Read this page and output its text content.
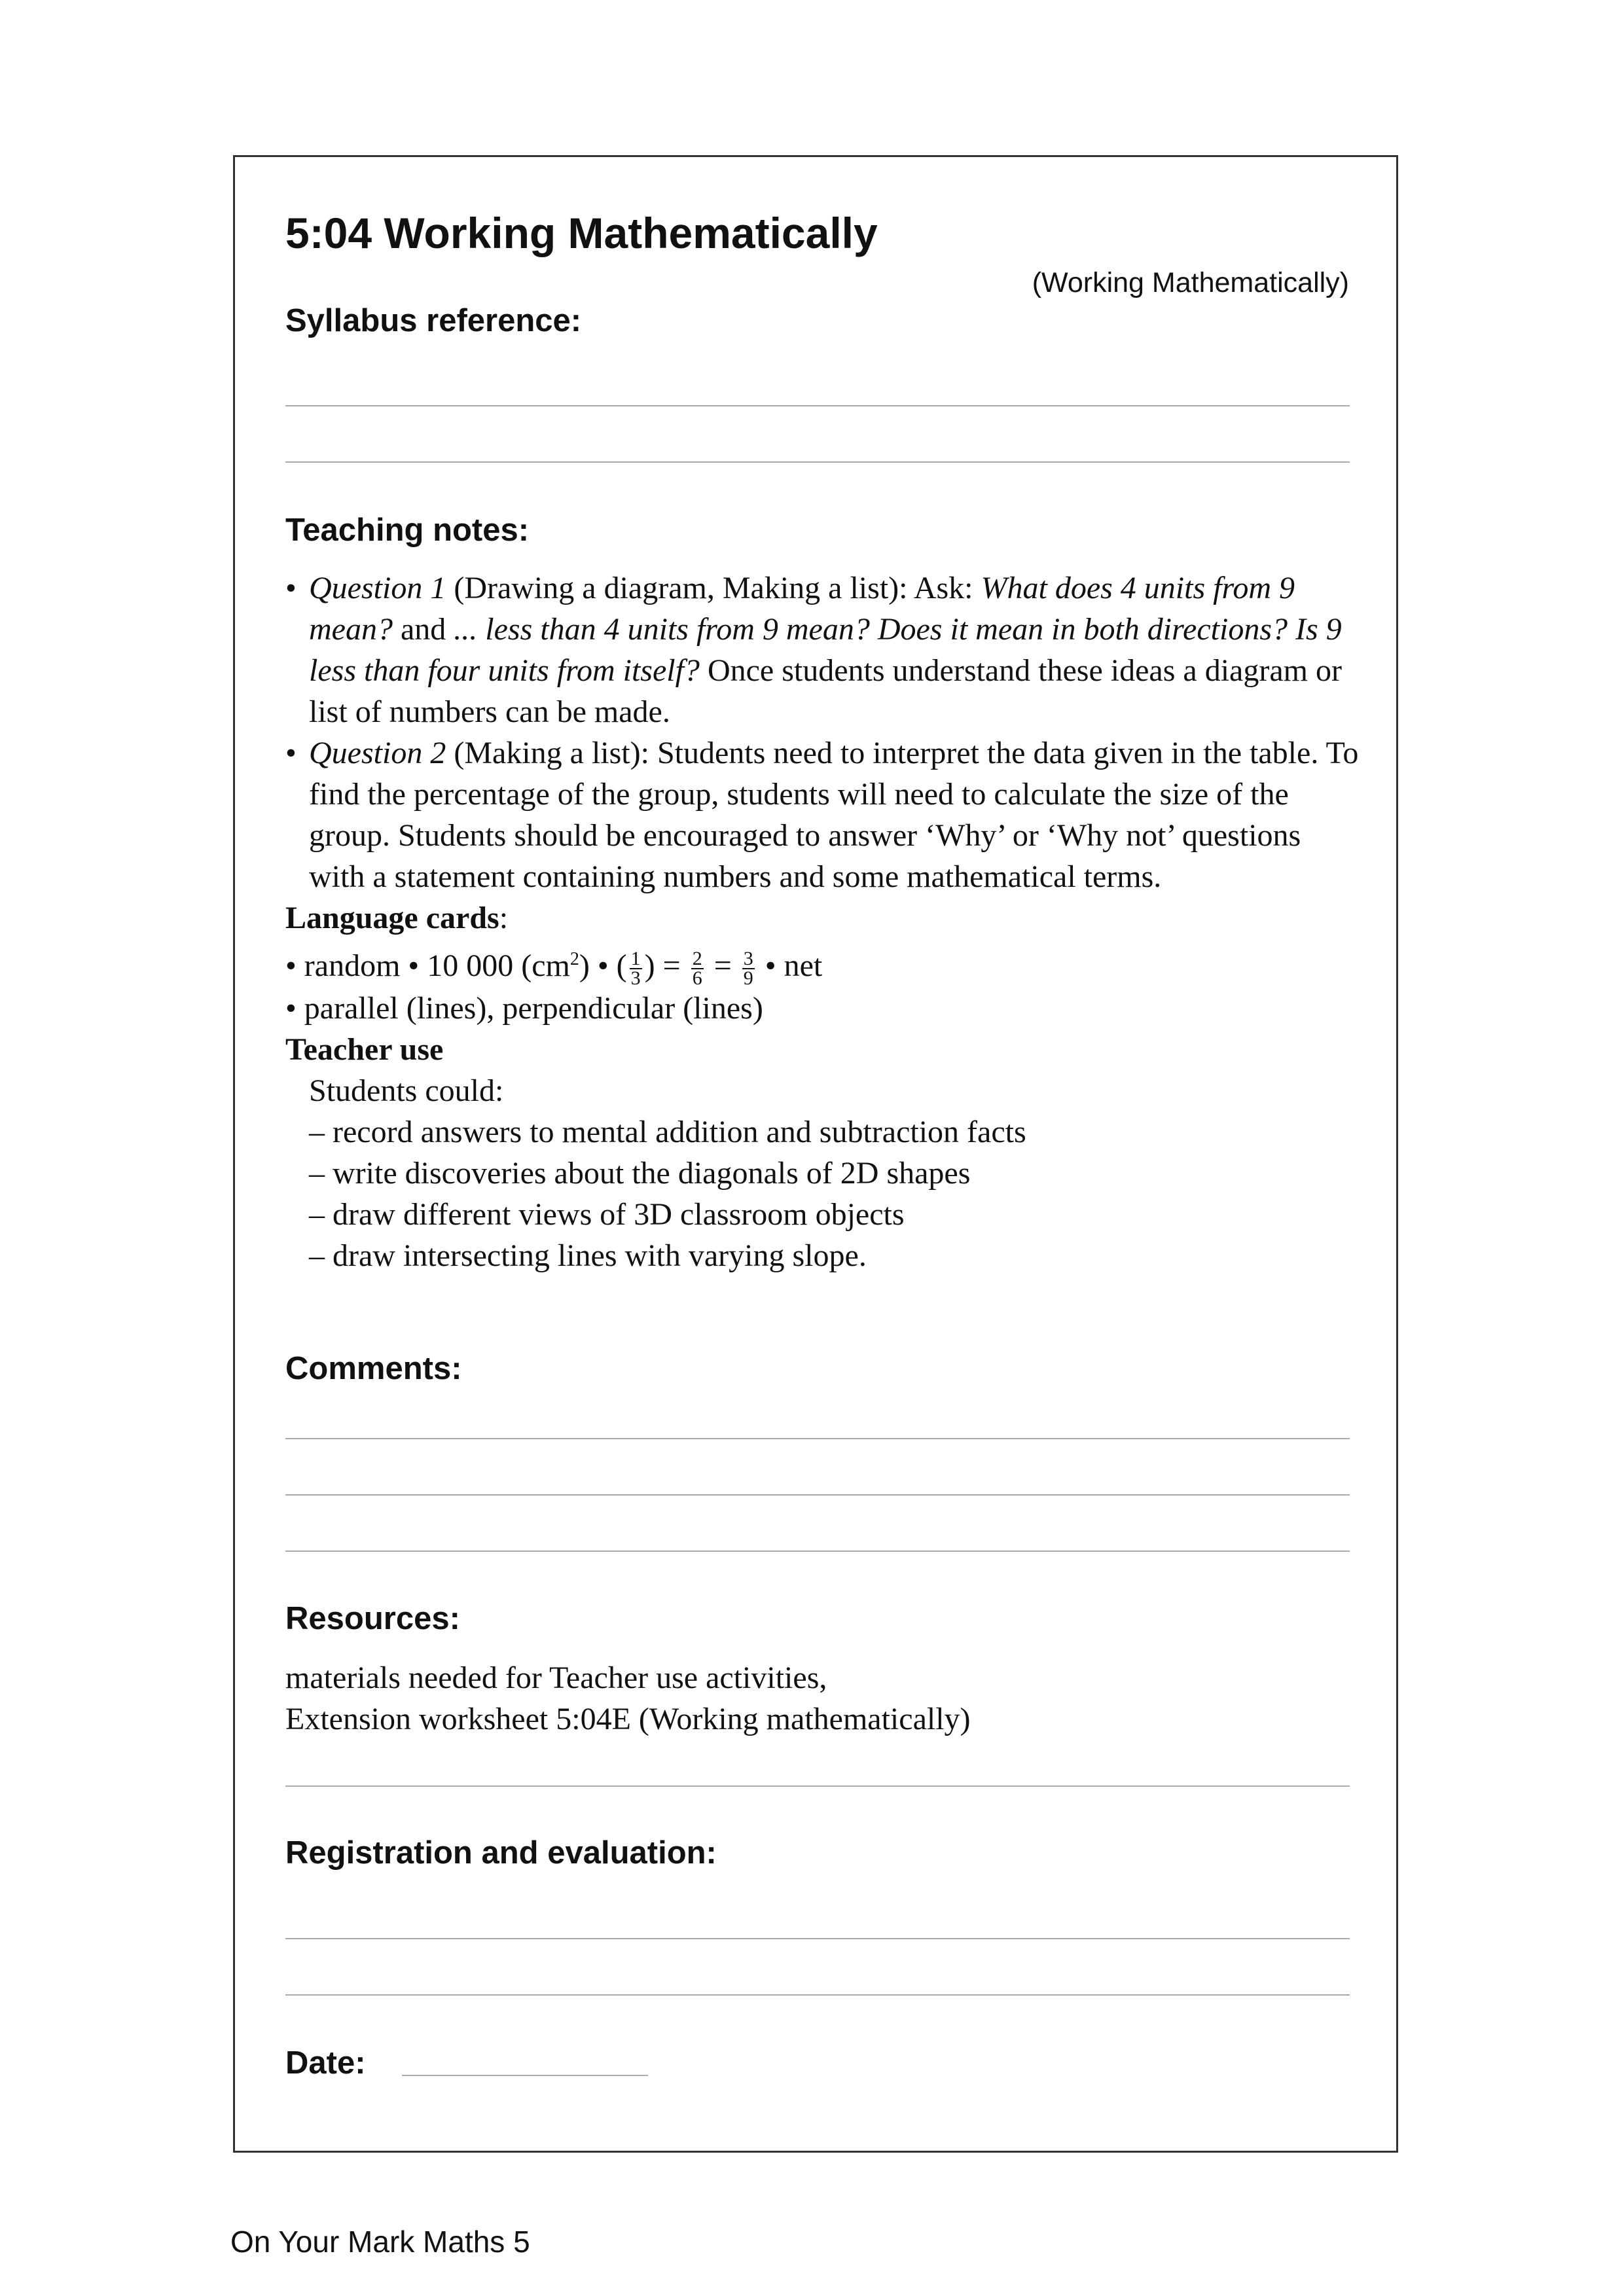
5:04 Working Mathematically
(Working Mathematically)
Syllabus reference:
Teaching notes:
• Question 1 (Drawing a diagram, Making a list): Ask: What does 4 units from 9 mean? and ... less than 4 units from 9 mean? Does it mean in both directions? Is 9 less than four units from itself? Once students understand these ideas a diagram or list of numbers can be made.
• Question 2 (Making a list): Students need to interpret the data given in the table. To find the percentage of the group, students will need to calculate the size of the group. Students should be encouraged to answer ‘Why’ or ‘Why not’ questions with a statement containing numbers and some mathematical terms.
Language cards:
• random • 10 000 $(cm^2)$ • ( $\frac{1}{3}$ ) = $\frac{2}{6} = \frac{3}{9}$ • net
• parallel (lines), perpendicular (lines)
Teacher use
Students could:
– record answers to mental addition and subtraction facts
– write discoveries about the diagonals of 2D shapes
– draw different views of 3D classroom objects
– draw intersecting lines with varying slope.
Comments:
Resources:
materials needed for Teacher use activities,
Extension worksheet 5:04E (Working mathematically)
Registration and evaluation:
Date:
On Your Mark Maths 5
